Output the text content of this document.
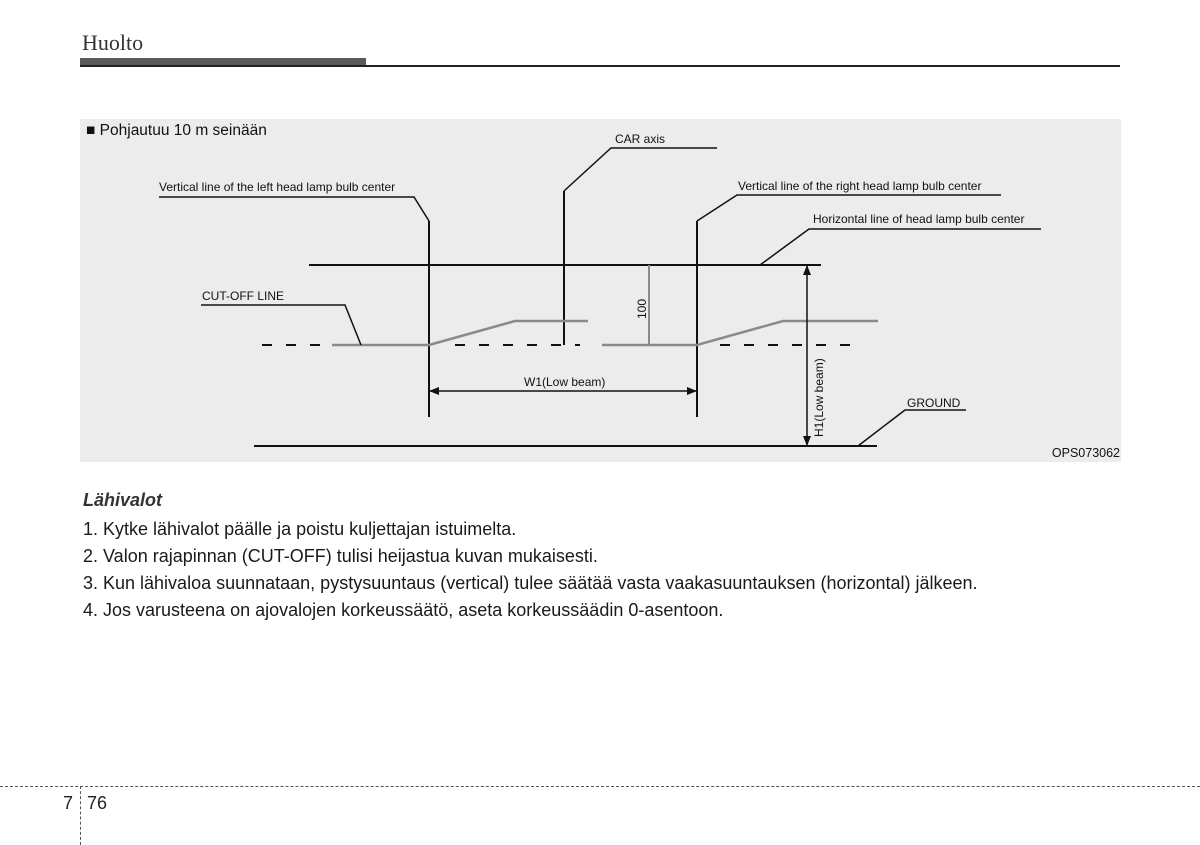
Huolto
100
W1(Low beam)	H1(Low beam)
CAR axis
Vertical line of the left head lamp bulb center	Vertical line of the right head lamp bulb center
Horizontal line of head lamp bulb center
CUT-OFF LINE
GROUND
■ Pohjautuu 10 m seinään
OPS073062
Lähivalot
1. Kytke lähivalot päälle ja poistu kuljettajan istuimelta.
2. Valon rajapinnan (CUT-OFF) tulisi heijastua kuvan mukaisesti.
3. Kun lähivaloa suunnataan, pystysuuntaus (vertical) tulee säätää vasta vaakasuuntauksen (horizontal) jälkeen.
4. Jos varusteena on ajovalojen korkeussäätö, aseta korkeussäädin 0-asentoon.
7 76
